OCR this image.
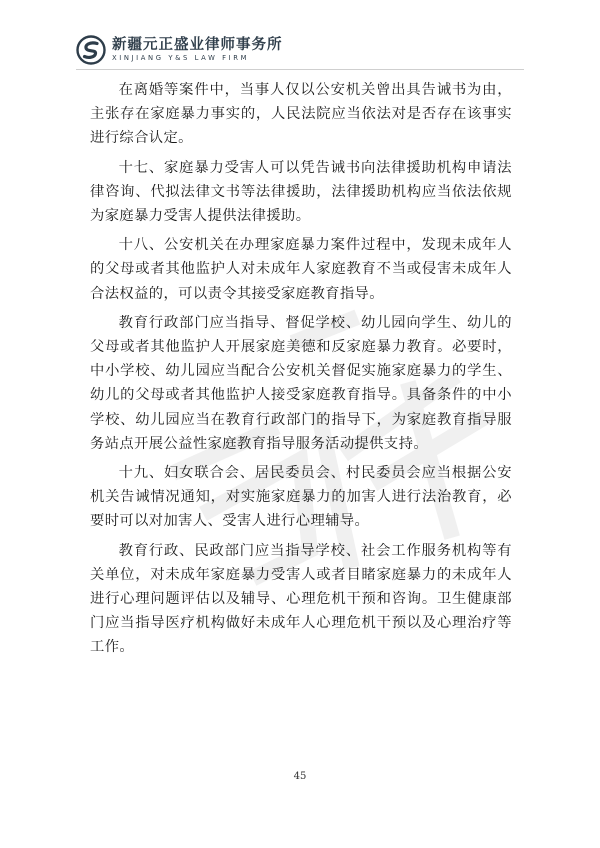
新疆元正盛业律师事务所
XINJIANG Y&S LAW FIRM

在离婚等案件中，当事人仅以公安机关曾出具告诫书为由，主张存在家庭暴力事实的，人民法院应当依法对是否存在该事实进行综合认定。

十七、家庭暴力受害人可以凭告诫书向法律援助机构申请法律咨询、代拟法律文书等法律援助，法律援助机构应当依法依规为家庭暴力受害人提供法律援助。

十八、公安机关在办理家庭暴力案件过程中，发现未成年人的父母或者其他监护人对未成年人家庭教育不当或侵害未成年人合法权益的，可以责令其接受家庭教育指导。

教育行政部门应当指导、督促学校、幼儿园向学生、幼儿的父母或者其他监护人开展家庭美德和反家庭暴力教育。必要时，中小学校、幼儿园应当配合公安机关督促实施家庭暴力的学生、幼儿的父母或者其他监护人接受家庭教育指导。具备条件的中小学校、幼儿园应当在教育行政部门的指导下，为家庭教育指导服务站点开展公益性家庭教育指导服务活动提供支持。

十九、妇女联合会、居民委员会、村民委员会应当根据公安机关告诫情况通知，对实施家庭暴力的加害人进行法治教育，必要时可以对加害人、受害人进行心理辅导。

教育行政、民政部门应当指导学校、社会工作服务机构等有关单位，对未成年家庭暴力受害人或者目睹家庭暴力的未成年人进行心理问题评估以及辅导、心理危机干预和咨询。卫生健康部门应当指导医疗机构做好未成年人心理危机干预以及心理治疗等工作。

45
